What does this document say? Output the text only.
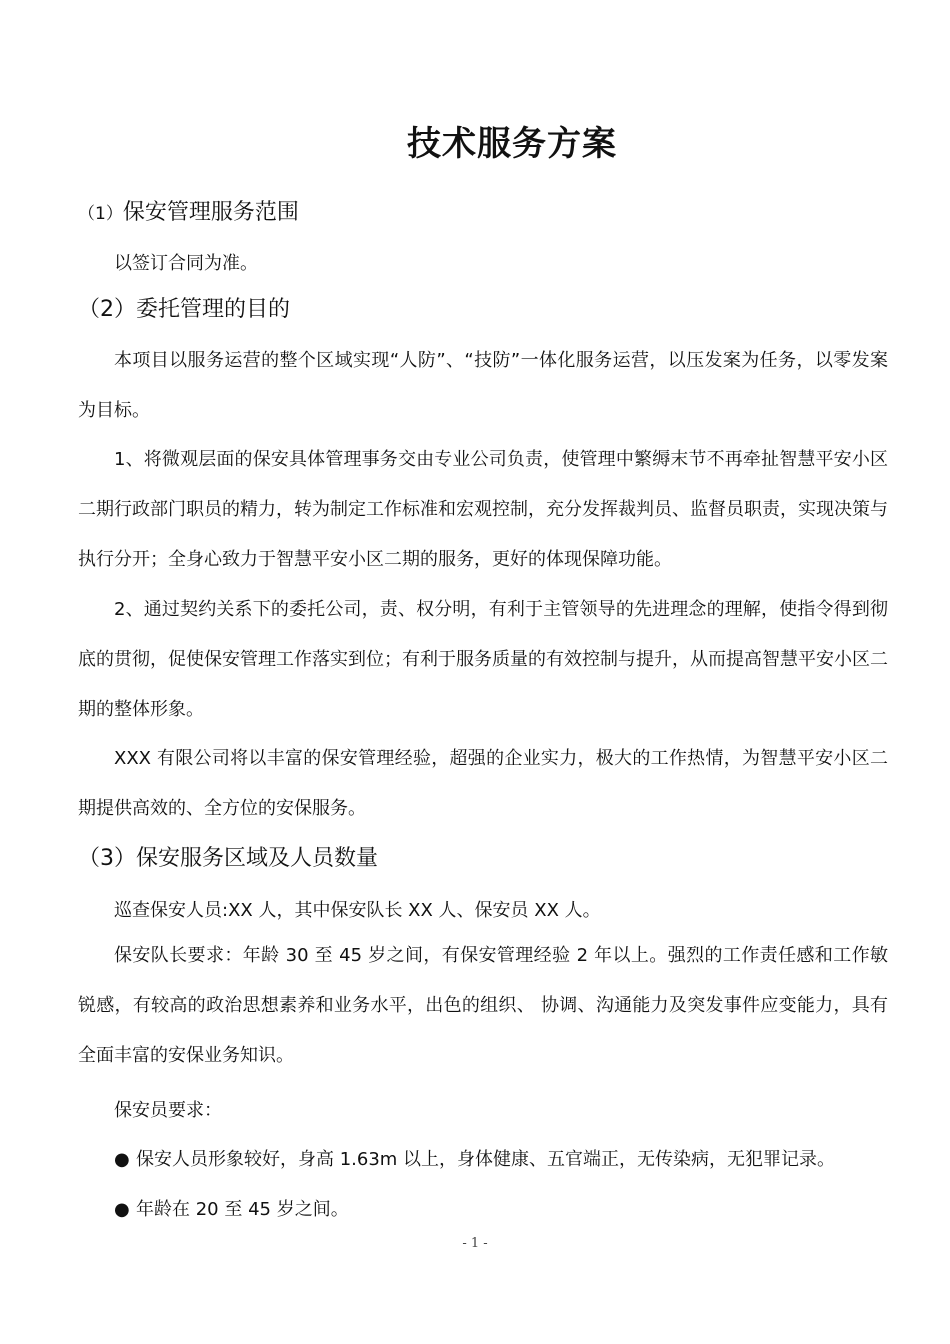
技术服务方案
（1）保安管理服务范围
以签订合同为准。
（2）委托管理的目的
本项目以服务运营的整个区域实现“人防”、“技防”一体化服务运营，以压发案为任务，以零发案为目标。
1、将微观层面的保安具体管理事务交由专业公司负责，使管理中繁缛末节不再牵扯智慧平安小区二期行政部门职员的精力，转为制定工作标准和宏观控制，充分发挥裁判员、监督员职责，实现决策与执行分开；全身心致力于智慧平安小区二期的服务，更好的体现保障功能。
2、通过契约关系下的委托公司，责、权分明，有利于主管领导的先进理念的理解，使指令得到彻底的贯彻，促使保安管理工作落实到位；有利于服务质量的有效控制与提升，从而提高智慧平安小区二期的整体形象。
XXX 有限公司将以丰富的保安管理经验，超强的企业实力，极大的工作热情，为智慧平安小区二期提供高效的、全方位的安保服务。
（3）保安服务区域及人员数量
巡查保安人员:XX 人，其中保安队长 XX 人、保安员 XX 人。
保安队长要求：年龄 30 至 45 岁之间，有保安管理经验 2 年以上。强烈的工作责任感和工作敏锐感，有较高的政治思想素养和业务水平，出色的组织、 协调、沟通能力及突发事件应变能力，具有全面丰富的安保业务知识。
保安员要求：
● 保安人员形象较好，身高 1.63m 以上，身体健康、五官端正，无传染病，无犯罪记录。
● 年龄在 20 至 45 岁之间。
- 1 -
